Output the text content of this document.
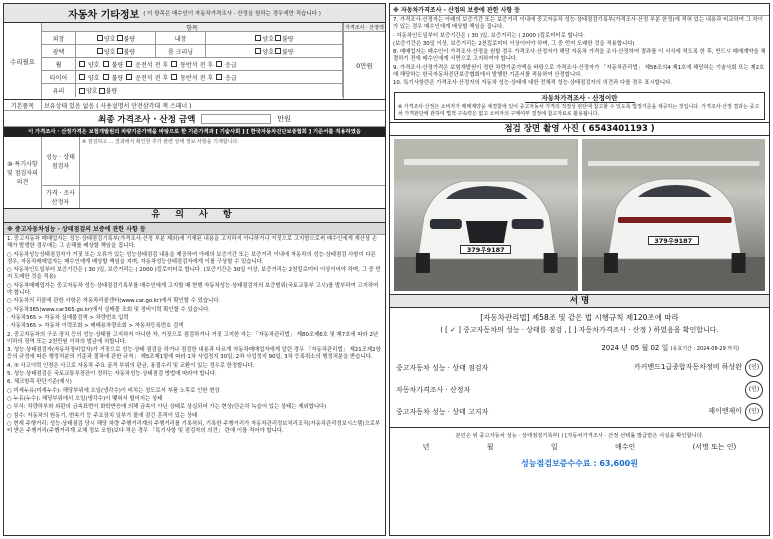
자동차 기타정보 ( 이 항목은 매수인이 자동차가격조사 · 산정을 원하는 경우에만 적습니다 )
수리필요
항목
외장	양호 불량	내장	양호 불량
광택	양호 불량	룸 크리닝	양호 불량
휠	양호 불량 운전석 전 후 동반석 전 후 응급
타이어	양호 불량 운전석 전 후 동반석 전 후 응급
유리	양호 불량
가격조사 · 산정액
0만원
기본품목	보유상태 있음 없음 ( 사용설명서 안전삼각대 잭 스패너 )
최종 가격조사 · 산정 금액	만원
이 가격조사 · 산정가격은 보험개발원의 차량기준가액을 바탕으로 한 기준가격과 [ 기술사회 ] [ 한국자동차진단보증협회 ] 기준서를 적용하였음
⑩ 특기사항 및 점검자의 의견
성능 · 상태 점검자
※ 점검하고 ... 결과에서 확인한 추가 관련 상태 정보 사항을 기재합니다.
가격 · 조사 산정자
유 의 사 항
※ 중고자동차성능 · 상태점검의 보증에 관한 사항 등

1. 중고자동차 매매업자는 성능·상태점검기록부(가격조사·산정 부분 제외)에 기재된 내용을 고지하지 아니하거나 거짓으로 고지함으로써 매수인에게 재산상 손해가 발생한 경우에는 그 손해를 배상할 책임을 집니다.

○ 자동차성능상태점검자가 거짓 또는 오류가 있는 성능상태점검 내용을 제공하여 아래의 보증기간 또는 보증거리 이내에 자동차의 성능·상태점검 사항이 다른 경우, 자동차매매업자는 매수인에게 배상할 책임을 지며, 자동차성능상태점검자에게 이를 구상할 수 있습니다.

○ 자동차인도일부터 보증기간은 ( 30 )일, 보증거리는 ( 2000 )킬로미터로 합니다. (보증기간은 30일 이상, 보증거리는 2천킬로미터 이상이어야 하며, 그 중 먼저 도래한 것을 적용)

○ 자동차매매업자는 중고자동차 성능·상태점검기록부를 매수인에게 고지할 때 현행 자동차성능·상태점검자의 보증범위(국토교통부 고시)를 발부하여 고지하여야 합니다.

○ 자동차의 리콜에 관한 사항은 자동차리콜센터(www.car.go.kr)에서 확인할 수 있습니다.

○ 자동차365(www.car365.go.kr)에서 실매물 조회 및 정비이력 확인할 수 있습니다.

· 자동차365 > 자동차 실매물검색 > 차량번호 입력

· 자동차365 > 자동차 이력조회 > 매매용차량조회 > 자동차등록번호 검색

2. 중고자동차의 구조·장치 등의 성능·상태를 고지하지 아니한 자, 거짓으로 점검하거나 거짓 고지한 자는 「자동차관리법」 제80조제6호 및 제7호에 따라 2년 이하의 징역 또는 2천만원 이하의 벌금에 처합니다.

3. 성능·상태점검자(자동차정비업자)가 거짓으로 성능·상태 점검을 하거나 점검한 내용과 다르게 자동차매매업자에게 알린 경우 「자동차관리법」 제21조제2항 등의 규정에 따른 행정처분의 기준과 절차에 관한 규칙」 제5조제1항에 따라 1차 사업정지 30일, 2차 사업정지 90일, 3차 등록취소의 행정처분을 받습니다.

4. ⑤ 사고이력 인정은 사고로 자동차 주요 골격 부위의 판금, 용접수리 및 교환이 있는 경우로 한정합니다.

5. 성능·상태점검은 국토교통부장관이 정하는 자동차성능·상태점검 방법에 따라야 합니다.

6. 체크항목 판단기준(예시)

○ 미세누유(미세누수): 해당부위에 오일(냉각수)이 비치는 정도로서 부품 노후로 인한 현상

○ 누유(누수): 해당부위에서 오일(냉각수)이 맺혀서 떨어지는 상태

○ 부식: 차량하부와 외판의 금속표면이 화학반응에 의해 금속이 아닌 상태로 상실되어 가는 현상(단순히 녹슬어 있는 상태는 제외합니다)

○ 침수: 자동차의 원동기, 변속기 등 주요장치 일부가 물에 잠긴 흔적이 있는 상태

○ 현재 주행거리: 성능·상태점검 당시 해당 차량 주행거리계의 주행거리를 기록하되, 기록한 주행거리가 자동차관리정보처리조직(자동차관리정보시스템)으로부터 받은 주행거리(주행거리계 교체 정보 포함)보다 적은 경우 「특기사항 및 점검자의 의견」 란에 이를 적어야 합니다.

※ 자동차가격조사 · 산정의 보증에 관한 사항 등

7. 가격조사·산정자는 아래의 보증기간 또는 보증거리 이내에 중고자동차 성능·상태점검기록부(가격조사·산정 부분 한정)에 적혀 있는 내용과 비교하여 그 차이가 있는 경우 매수인에게 배상할 책임을 집니다.

· 자동차인도일부터 보증기간은 ( 30 )일, 보증거리는 ( 2000 )킬로미터로 합니다.

(보증기간은 30일 이상, 보증거리는 2천킬로미터 이상이어야 하며, 그 중 먼저 도래한 것을 적용합니다)

8. 매매업자는 매수인이 가격조사·산정을 원할 경우 가격조사·산정자가 해당 자동차 가격을 조사·산정하여 결과를 이 서식에 적도록 한 후, 반드시 매매계약을 체결하기 전에 매수인에게 서면으로 고지하여야 합니다.

9. 가격조사·산정가격은 보험개발원이 정한 차량기준가액을 바탕으로 가격조사·산정자가 「자동차관리법」 제58조의4 제1호에 해당하는 기술사회 또는 제2호에 해당하는 한국자동차진단보증협회에서 발행한 기준서를 적용하여 산정합니다.

10. 특기사항란은 가격조사·산정자의 자동차 성능·상태에 대한 전체적 성능·상태점검자의 의견과 다를 경우 표시합니다.

자동차가격조사 · 산정이란
※ 가격조사·산정은 소비자가 매매계약을 체결함에 있어 중고자동차 가격의 적정성 판단에 참고할 수 있도록 법정기준을 제공하는 것입니다. 가격조사·산정 결과는 중고차 가격판단에 관하여 법적 구속력은 없고 소비자의 구매여부 결정에 참고자료로 활용됩니다.
점검 장면 촬영 사진 ( 6543401193 )
379우9187
379우9187
서 명
[자동차관리법] 제58조 및 같은 법 시행규칙 제120조에 따라
( [ ✓ ] 중고자동차의 성능 · 상태를 점검 , [ ] 자동차가격조사 · 산정 ) 하였음을 확인합니다.
2024 년 05 월 02 일 (유효기간 : 2024-08-29 까지)
중고자동차 성능 · 상태 점검자	카커맨드1급종합자동차정비 하상완 (인)
자동차가격조사 · 산정자	(인)
중고자동차 성능 · 상태 고지자	제이앤제이 (인)
본인은 위 중고자동차 성능 · 상태점검기록부( ) [자동차가격조사 · 산정 선택률 발급받은 사실을 확인합니다.
년	월	일	매수인	(서명 또는 인)
성능점검보증수수료 : 63,600원
